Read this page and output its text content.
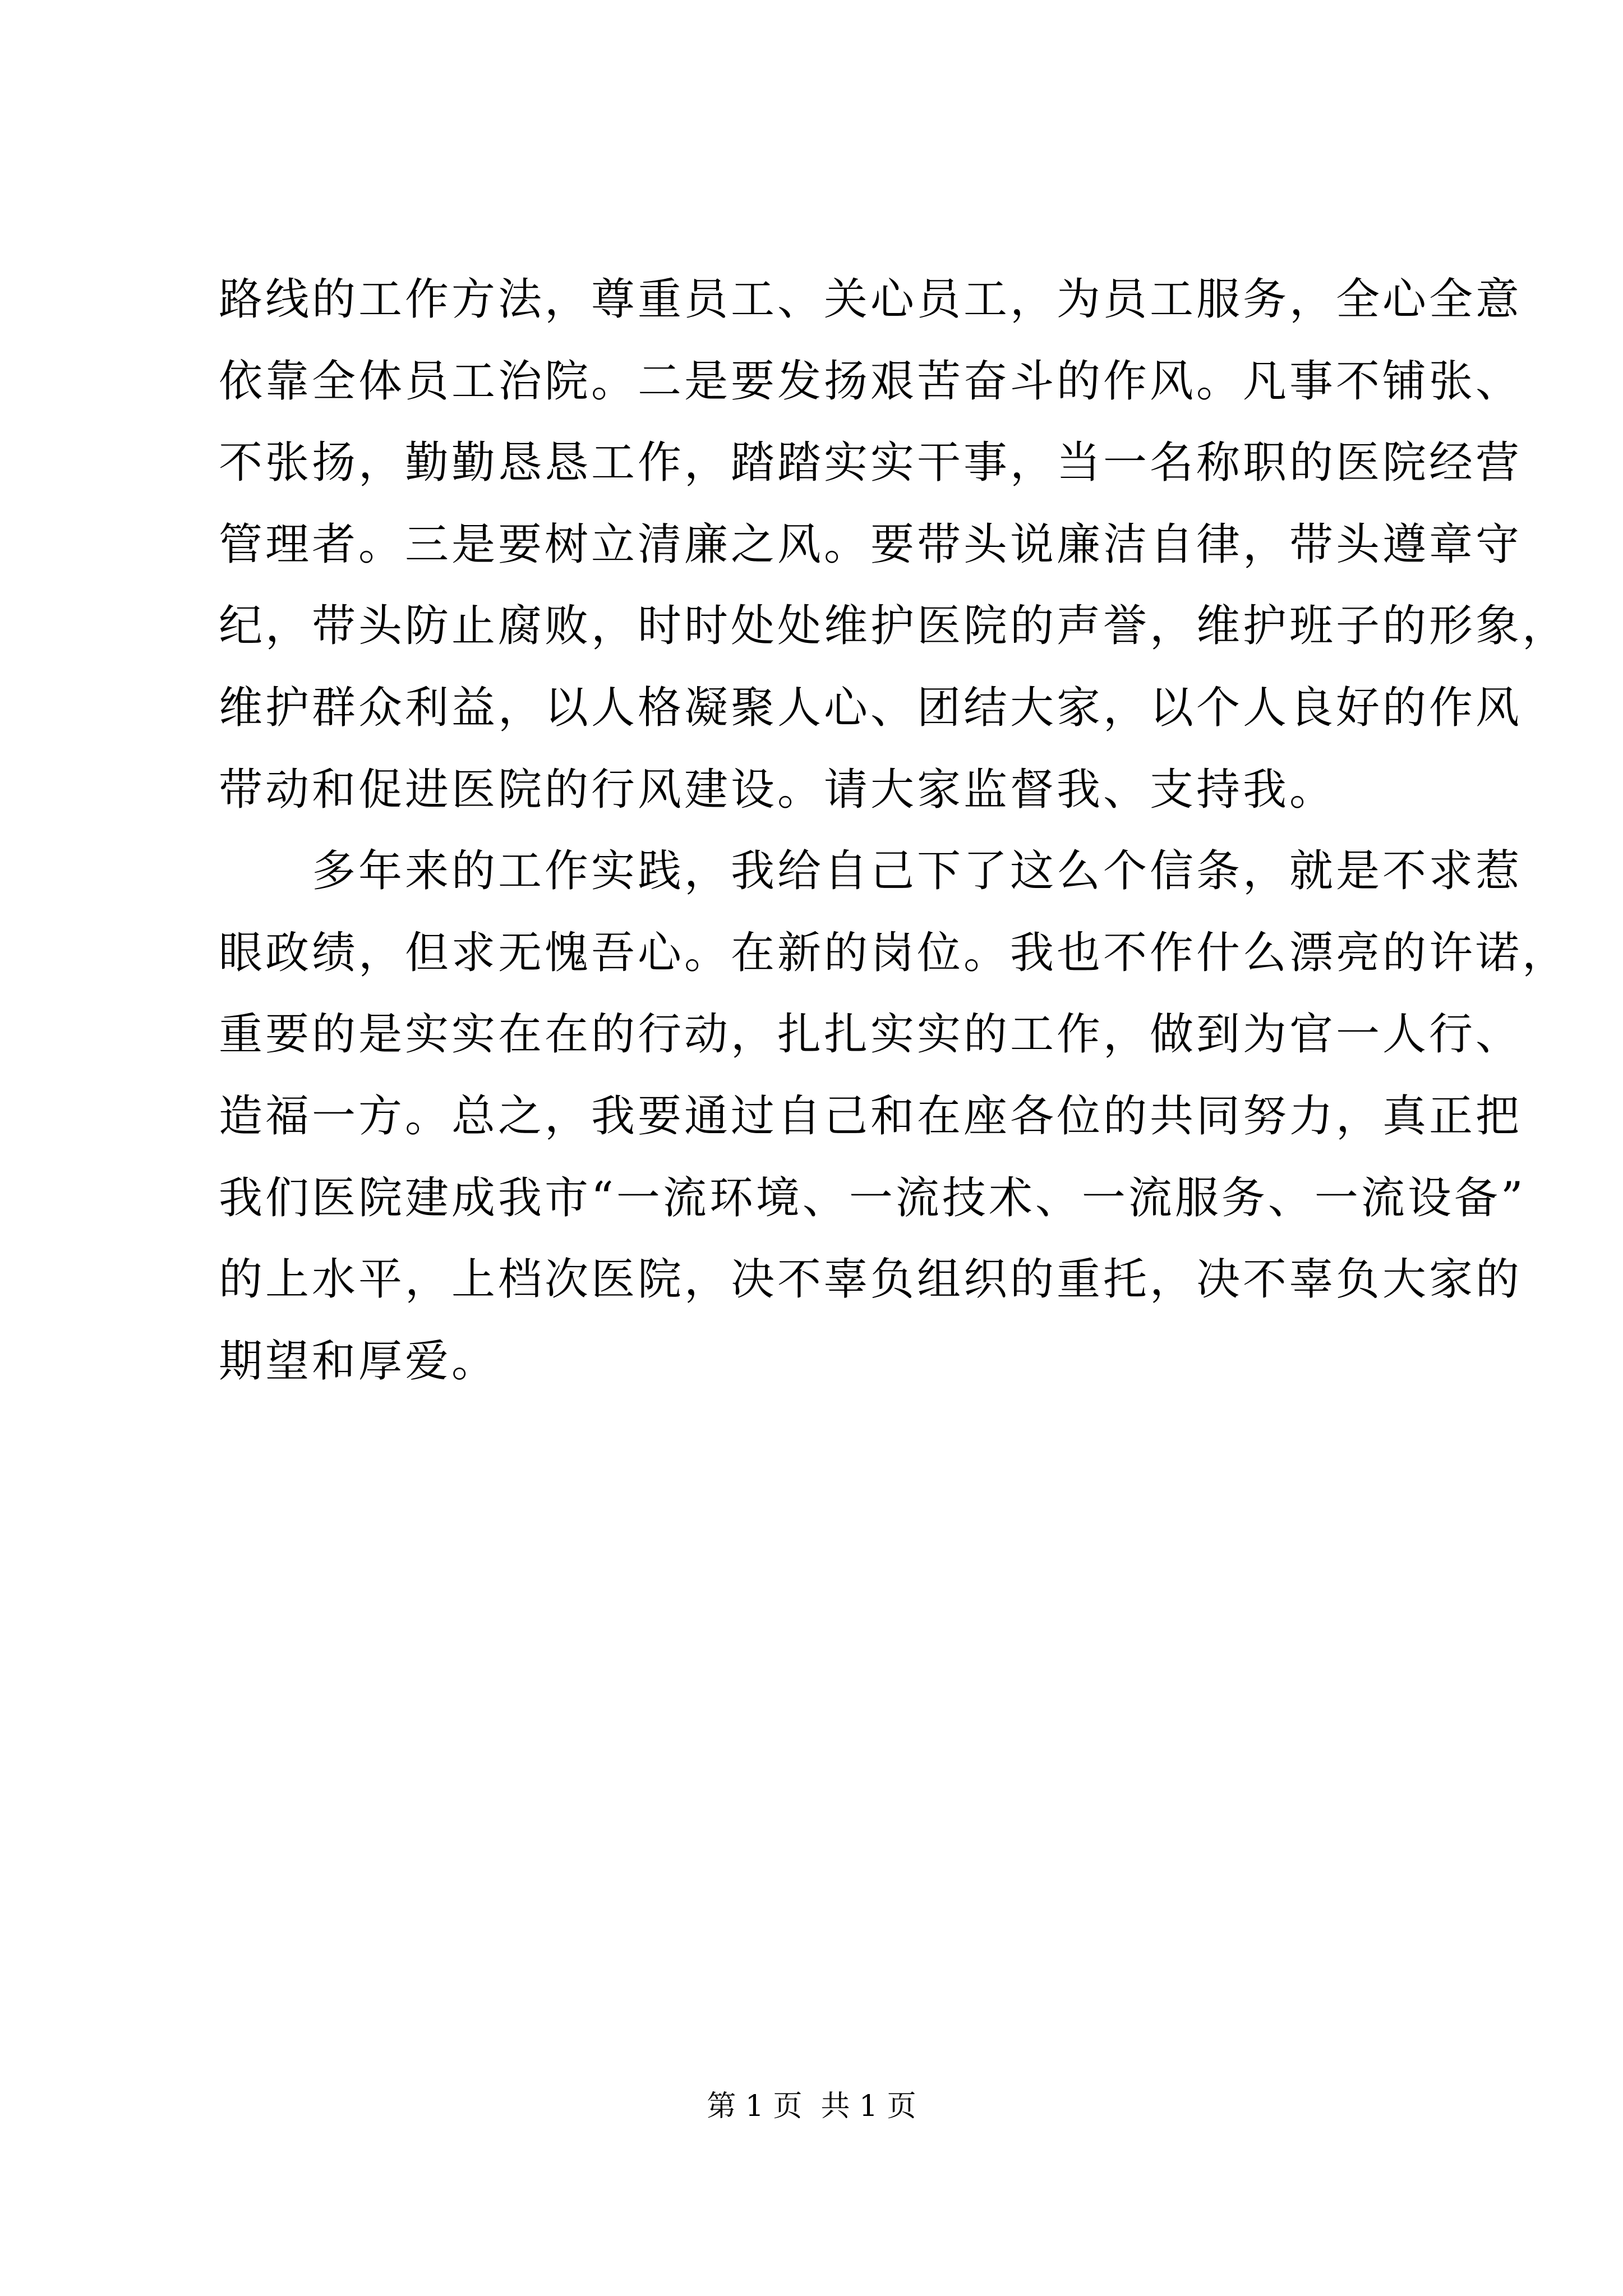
路线的工作方法，尊重员工、关心员工，为员工服务，全心全意
依靠全体员工治院。二是要发扬艰苦奋斗的作风。凡事不铺张、
不张扬，勤勤恳恳工作，踏踏实实干事，当一名称职的医院经营
管理者。三是要树立清廉之风。要带头说廉洁自律，带头遵章守
纪，带头防止腐败，时时处处维护医院的声誉，维护班子的形象，
维护群众利益，以人格凝聚人心、团结大家，以个人良好的作风
带动和促进医院的行风建设。请大家监督我、支持我。
多年来的工作实践，我给自己下了这么个信条，就是不求惹
眼政绩，但求无愧吾心。在新的岗位。我也不作什么漂亮的许诺，
重要的是实实在在的行动，扎扎实实的工作，做到为官一人行、
造福一方。总之，我要通过自己和在座各位的共同努力，真正把
我们医院建成我市“一流环境、一流技术、一流服务、一流设备”
的上水平，上档次医院，决不辜负组织的重托，决不辜负大家的
期望和厚爱。
第 1 页  共 1 页
